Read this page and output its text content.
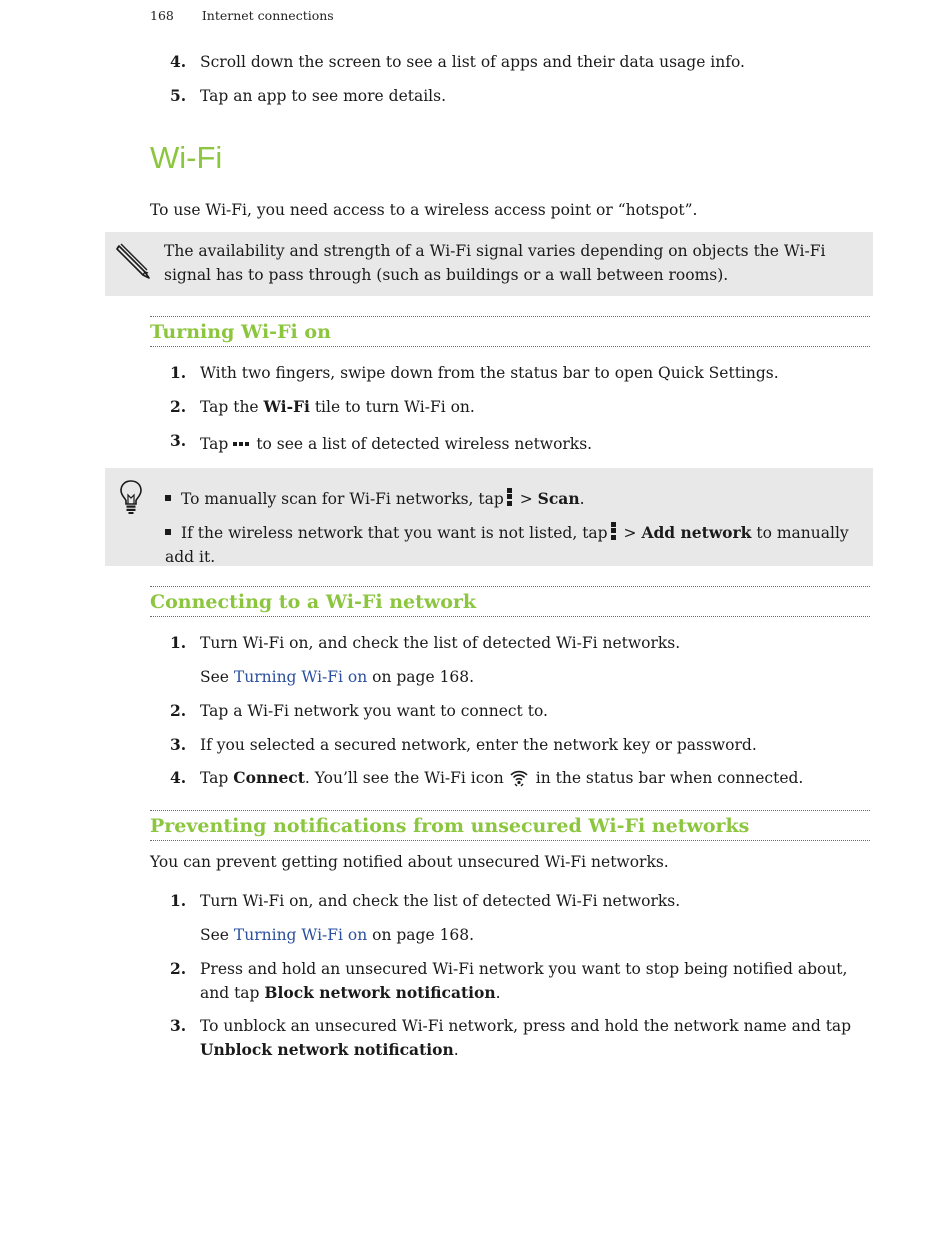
168 Internet connections
4. Scroll down the screen to see a list of apps and their data usage info.
5. Tap an app to see more details.
Wi-Fi
To use Wi-Fi, you need access to a wireless access point or “hotspot”.
The availability and strength of a Wi-Fi signal varies depending on objects the Wi-Fi signal has to pass through (such as buildings or a wall between rooms).
Turning Wi-Fi on
1. With two fingers, swipe down from the status bar to open Quick Settings.
2. Tap the Wi-Fi tile to turn Wi-Fi on.
3. Tap to see a list of detected wireless networks.
To manually scan for Wi-Fi networks, tap
> Scan.
If the wireless network that you want is not listed, tap
> Add network to manually add it.
Connecting to a Wi-Fi network
1. Turn Wi-Fi on, and check the list of detected Wi-Fi networks.
See Turning Wi-Fi on on page 168.
2. Tap a Wi-Fi network you want to connect to.
3. If you selected a secured network, enter the network key or password.
4. Tap Connect. You’ll see the Wi-Fi icon in the status bar when connected.
Preventing notifications from unsecured Wi-Fi networks
You can prevent getting notified about unsecured Wi-Fi networks.
1. Turn Wi-Fi on, and check the list of detected Wi-Fi networks.
See Turning Wi-Fi on on page 168.
2. Press and hold an unsecured Wi-Fi network you want to stop being notified about, and tap Block network notification.
3. To unblock an unsecured Wi-Fi network, press and hold the network name and tap Unblock network notification.
